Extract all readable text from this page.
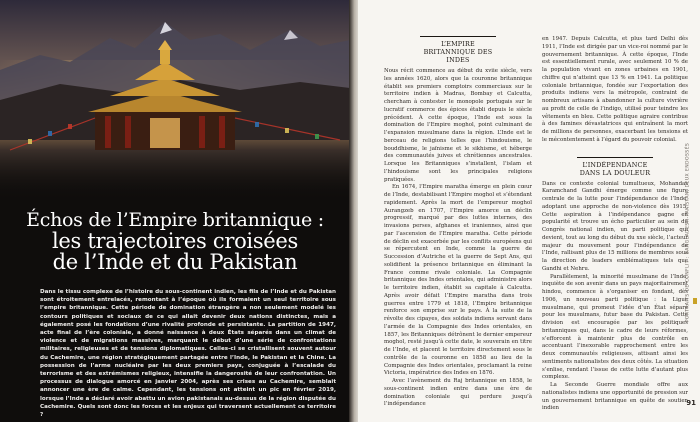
Échos de l’Empire britannique :
les trajectoires croisées
de l’Inde et du Pakistan

Dans le tissu complexe de l’histoire du sous-continent indien, les fils de l’Inde et du Pakistan sont étroitement entrelacés, remontant à l’époque où ils formaient un seul territoire sous l’empire britannique. Cette période de domination étrangère a non seulement modelé les contours politiques et sociaux de ce qui allait devenir deux nations distinctes, mais a également posé les fondations d’une rivalité profonde et persistante. La partition de 1947, acte final de l’ère coloniale, a donné naissance à deux États séparés dans un climat de violence et de migrations massives, marquant le début d’une série de confrontations militaires, religieuses et de tensions diplomatiques. Celles-ci se cristallisent souvent autour du Cachemire, une région stratégiquement partagée entre l’Inde, le Pakistan et la Chine. La possession de l’arme nucléaire par les deux premiers pays, conjuguée à l’escalade du terrorisme et des extrémismes religieux, intensifie la dangerosité de leur confrontation. Un processus de dialogue amorcé en janvier 2004, après ses crises au Cachemire, semblait annoncer une ère de calme. Cependant, les tensions ont atteint un pic en février 2019, lorsque l’Inde a déclaré avoir abattu un avion pakistanais au-dessus de la région disputée du Cachemire. Quels sont donc les forces et les enjeux qui traversent actuellement ce territoire ?

L’EMPIRE BRITANNIQUE DES INDES

Nous récit commence au début du xviie siècle, vers les années 1620, alors que la couronne britannique établit ses premiers comptoirs commerciaux sur le territoire indien à Madras, Bombay et Calcutta, chercham à contester le monopole portugais sur le lucratif commerce des épices établi depuis le siècle précédent. À cette époque, l’Inde est sous la domination de l’Empire moghol, point culminant de l’expansion musulmane dans la région. L’Inde est le berceau de religions telles que l’hindouisme, le bouddhisme, le jaïnisme et le sikhisme, et héberge des communautés juives et chrétiennes ancestrales. Lorsque les Britanniques s’installent, l’islam et l’hindouisme sont les principales religions pratiquées.

En 1674, l’Empire maratha émerge en plein cœur de l’Inde, destabilisant l’Empire moghol et s’étendant rapidement. Après la mort de l’empereur moghol Aurangzeb en 1707, l’Empire amorce un déclin progressif, marqué par des luttes internes, des invasions perses, afghanes et iraniennes, ainsi que par l’ascension de l’Empire maratha. Cette période de déclin est exacerbée par les conflits européens qui se répercutent en Inde, comme la guerre de Succession d’Autriche et la guerre de Sept Ans, qui solidifient la présence britannique en éliminant la France comme rivale coloniale. La Compagnie britannique des Indes orientales, qui administre alors le territoire indien, établit sa capitale à Calcutta. Après avoir défait l’Empire maratha dans trois guerres entre 1779 et 1818, l’Empire britannique renforce son emprise sur le pays. À la suite de la révolte des cipayes, des soldats indiens servant dans l’armée de la Compagnie des Indes orientales, en 1857, les Britanniques détrônent le dernier empereur moghol, resté jusqu’à cette date, le souverain en titre de l’Inde, et placent le territoire directement sous le contrôle de la couronne en 1858 au lieu de la Compagnie des Indes orientales, proclamant la reine Victoria, impératrice des Indes en 1876.

Avec l’avènement du Raj britannique en 1858, le sous-continent indien entre dans une ère de domination coloniale qui perdure jusqu’à l’indépendance

en 1947. Depuis Calcutta, et plus tard Delhi dès 1911, l’Inde est dirigée par un vice-roi nommé par le gouvernement britannique. À cette époque, l’Inde est essentiellement rurale, avec seulement 10 % de la population vivant en zones urbaines en 1901, chiffre qui n’atteint que 13 % en 1941. La politique coloniale britannique, fondée sur l’exportation des produits indiens vers la métropole, contraint de nombreux artisans à abandonner la culture vivrière au profit de celle de l’indigo, utilisé pour teindre les vêtements en bleu. Cette politique agraire contribue à des famines dévastatrices qui entraînent la mort de millions de personnes, exacerbant les tensions et le mécontentement à l’égard du pouvoir colonial.

L’INDÉPENDANCE DANS LA DOULEUR

Dans ce contexte colonial tumultueux, Mohandas Karamchand Gandhi émerge comme une figure centrale de la lutte pour l’indépendance de l’Inde, adoptant une approche de non-violence dès 1915. Cette aspiration à l’indépendance gagne en popularité et trouve un écho particulier au sein du Congrès national indien, un parti politique qui devient, tout au long du début du xxe siècle, l’acteur majeur du mouvement pour l’indépendance de l’Inde, rallisant plus de 15 millions de membres sous la direction de leaders emblématiques tels que Gandhi et Nehru.

Parallèlement, la minorité musulmane de l’Inde, inquiète de son avenir dans un pays majoritairement hindou, commence à s’organiser en fondant, dès 1906, un nouveau parti politique : la Ligue musulmane, qui promeut l’idée d’un État séparé pour les musulmans, futur base du Pakistan. Cette division est encouragée par les politiques britanniques qui, dans le cadre de leurs réformes, s’efforcent à maintenir plus de contrôle en accentuant l’inexorable rapprochement entre les deux communautés religieuses, attisant ainsi les sentiments nationalistes des deux côtés. La situation s’enlise, rendant l’issue de cette lutte d’autant plus complexe.

La Seconde Guerre mondiale offre aux nationalistes indiens une opportunité de pression sur un gouvernement britannique en quête de soutien indien

PORTRAITS DE CONFLIT : BANGLADESH-PAKISTAN, DEUX ENDOSSÉS
91
